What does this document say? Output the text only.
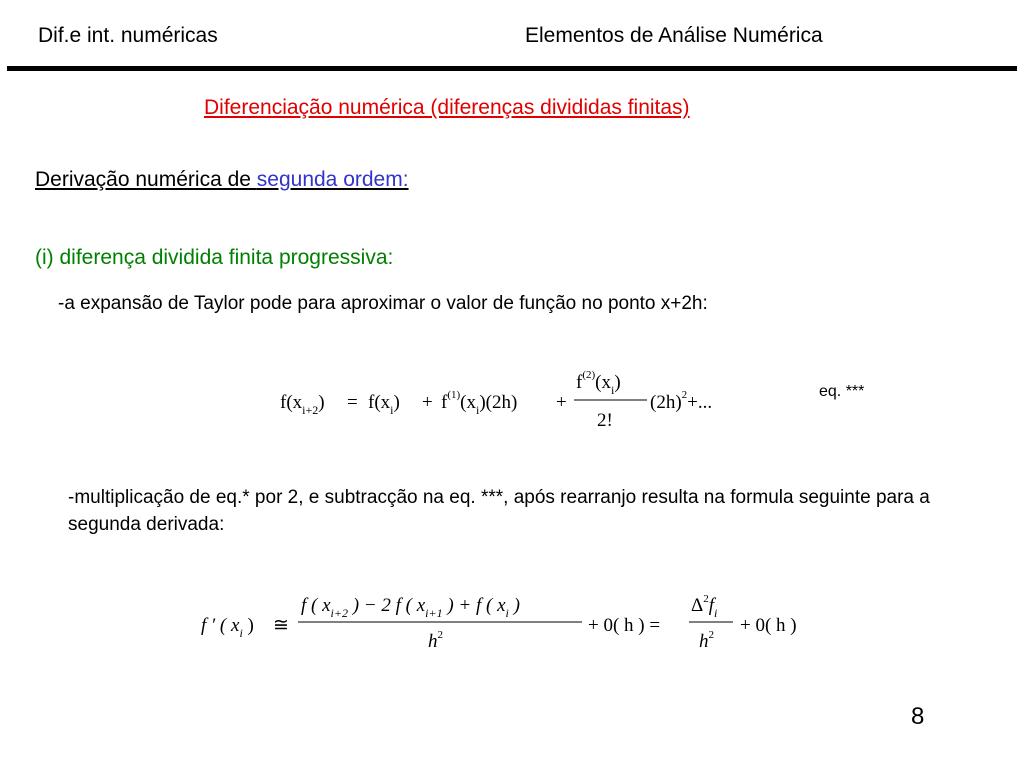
Dif.e int. numéricas	Elementos de Análise Numérica
Diferenciação numérica (diferenças divididas finitas)
Derivação numérica de segunda ordem:
(i) diferença dividida finita progressiva:
-a expansão de Taylor pode para aproximar o valor de função no ponto x+2h:
$f(x_{i+2}) = f(x_i) + f^{(1)}(x_i)(2h)$ +
$f^{(2)}(x_i)$
2!
$(2h)^2+$...
eq. ***
-multiplicação de eq.* por 2, e subtracção na eq. ***, após rearranjo resulta na formula seguinte para a segunda derivada:
f ′ ( $x_i$ ) ≅
f ( $x_{i+2}$ ) − 2 f ( $x_{i+1}$ ) + f ( $x_i$ )
$h^2$	+ 0( h ) =
$\Delta^2f_i$
$h^2 + 0$( h )
8
